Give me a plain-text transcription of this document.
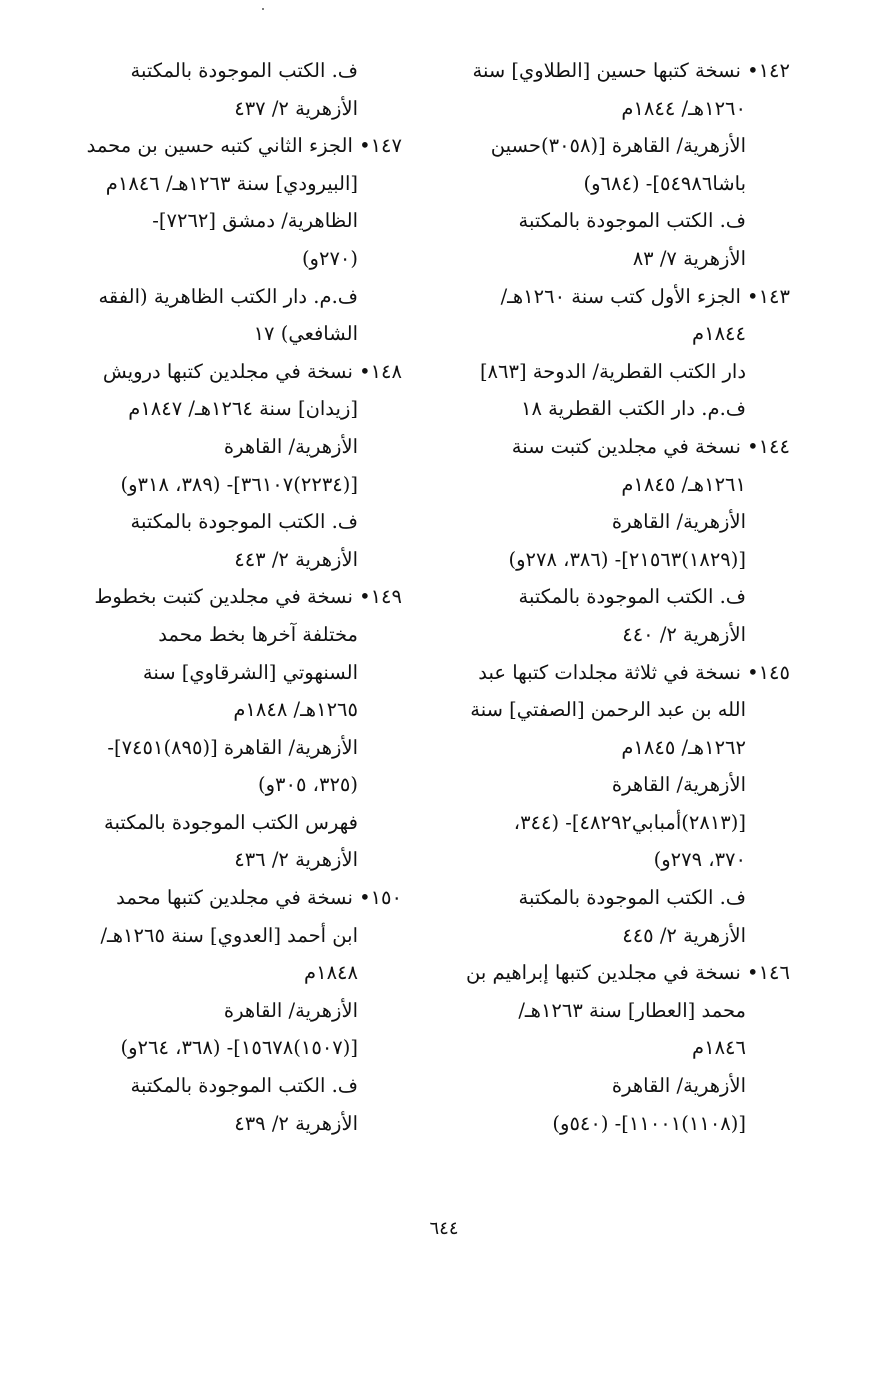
١٤٢• نسخة كتبها حسين [الطلاوي] سنة
١٢٦٠هـ/ ١٨٤٤م
الأزهرية/ القاهرة [(٣٠٥٨)حسين
باشا٥٤٩٨٦]- (٦٨٤و)
ف. الكتب الموجودة بالمكتبة
الأزهرية ٧/ ٨٣
١٤٣• الجزء الأول كتب سنة ١٢٦٠هـ/
١٨٤٤م
دار الكتب القطرية/ الدوحة [٨٦٣]
ف.م. دار الكتب القطرية ١٨
١٤٤• نسخة في مجلدين كتبت سنة
١٢٦١هـ/ ١٨٤٥م
الأزهرية/ القاهرة
[(١٨٢٩)٢١٥٦٣]- (٣٨٦، ٢٧٨و)
ف. الكتب الموجودة بالمكتبة
الأزهرية ٢/ ٤٤٠
١٤٥• نسخة في ثلاثة مجلدات كتبها عبد
الله بن عبد الرحمن [الصفتي] سنة
١٢٦٢هـ/ ١٨٤٥م
الأزهرية/ القاهرة
[(٢٨١٣)أمبابي٤٨٢٩٢]- (٣٤٤،
٣٧٠، ٢٧٩و)
ف. الكتب الموجودة بالمكتبة
الأزهرية ٢/ ٤٤٥
١٤٦• نسخة في مجلدين كتبها إبراهيم بن
محمد [العطار] سنة ١٢٦٣هـ/
١٨٤٦م
الأزهرية/ القاهرة
[(١١٠٨)١١٠٠١]- (٥٤٠و)
ف. الكتب الموجودة بالمكتبة
الأزهرية ٢/ ٤٣٧
١٤٧• الجزء الثاني كتبه حسين بن محمد
[البيرودي] سنة ١٢٦٣هـ/ ١٨٤٦م
الظاهرية/ دمشق [٧٢٦٢]-
(٢٧٠و)
ف.م. دار الكتب الظاهرية (الفقه
الشافعي) ١٧
١٤٨• نسخة في مجلدين كتبها درويش
[زيدان] سنة ١٢٦٤هـ/ ١٨٤٧م
الأزهرية/ القاهرة
[(٢٢٣٤)٣٦١٠٧]- (٣٨٩، ٣١٨و)
ف. الكتب الموجودة بالمكتبة
الأزهرية ٢/ ٤٤٣
١٤٩• نسخة في مجلدين كتبت بخطوط
مختلفة آخرها بخط محمد
السنهوتي [الشرقاوي] سنة
١٢٦٥هـ/ ١٨٤٨م
الأزهرية/ القاهرة [(٨٩٥)٧٤٥١]-
(٣٢٥، ٣٠٥و)
فهرس الكتب الموجودة بالمكتبة
الأزهرية ٢/ ٤٣٦
١٥٠• نسخة في مجلدين كتبها محمد
ابن أحمد [العدوي] سنة ١٢٦٥هـ/
١٨٤٨م
الأزهرية/ القاهرة
[(١٥٠٧)١٥٦٧٨]- (٣٦٨، ٢٦٤و)
ف. الكتب الموجودة بالمكتبة
الأزهرية ٢/ ٤٣٩
٦٤٤
